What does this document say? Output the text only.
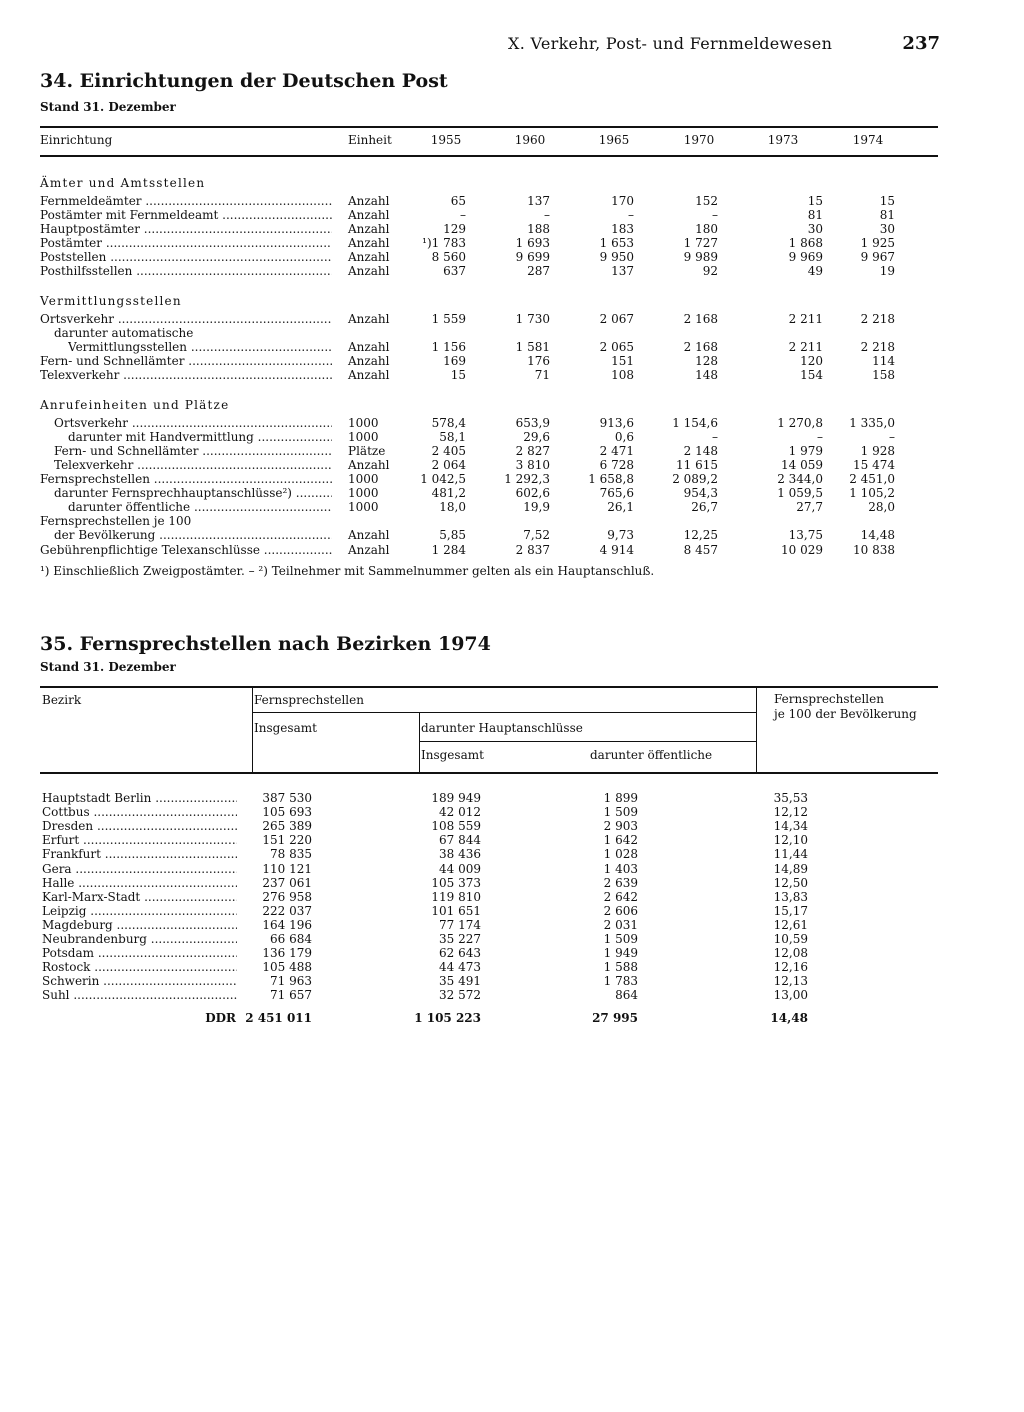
X. Verkehr, Post- und Fernmeldewesen	237
34. Einrichtungen der Deutschen Post
Stand 31. Dezember
Einrichtung	Einheit	1955	1960	1965	1970	1973	1974
Ämter und Amtsstellen
Vermittlungsstellen
Anrufeinheiten und Plätze
Fernmeldeämter .....	Anzahl	65	137	170	152	15	15
Postämter mit Fernmeldeamt .....	Anzahl	–	–	–	–	81	81
Hauptpostämter .....	Anzahl	129	188	183	180	30	30
Postämter .....	Anzahl	¹)1 783	1 693	1 653	1 727	1 868	1 925
Poststellen .....	Anzahl	8 560	9 699	9 950	9 989	9 969	9 967
Posthilfsstellen .....	Anzahl	637	287	137	92	49	19
Ortsverkehr .....	Anzahl	1 559	1 730	2 067	2 168	2 211	2 218
darunter automatische
Vermittlungsstellen .....	Anzahl	1 156	1 581	2 065	2 168	2 211	2 218
Fern- und Schnellämter .....	Anzahl	169	176	151	128	120	114
Telexverkehr .....	Anzahl	15	71	108	148	154	158
Ortsverkehr .....	1000	578,4	653,9	913,6	1 154,6	1 270,8	1 335,0
darunter mit Handvermittlung .....	1000	58,1	29,6	0,6	–	–	–
Fern- und Schnellämter .....	Plätze	2 405	2 827	2 471	2 148	1 979	1 928
Telexverkehr .....	Anzahl	2 064	3 810	6 728	11 615	14 059	15 474
Fernsprechstellen .....	1000	1 042,5	1 292,3	1 658,8	2 089,2	2 344,0	2 451,0
darunter Fernsprechhauptanschlüsse²) .....	1000	481,2	602,6	765,6	954,3	1 059,5	1 105,2
darunter öffentliche .....	1000	18,0	19,9	26,1	26,7	27,7	28,0
Fernsprechstellen je 100
der Bevölkerung .....	Anzahl	5,85	7,52	9,73	12,25	13,75	14,48
Gebührenpflichtige Telexanschlüsse .....	Anzahl	1 284	2 837	4 914	8 457	10 029	10 838
¹) Einschließlich Zweigpostämter. – ²) Teilnehmer mit Sammelnummer gelten als ein Hauptanschluß.
35. Fernsprechstellen nach Bezirken 1974
Stand 31. Dezember
Bezirk	Fernsprechstellen	Fernsprechstellen
je 100 der Bevölkerung
Insgesamt	darunter Hauptanschlüsse
Insgesamt	darunter öffentliche
Hauptstadt Berlin .....	387 530	189 949	1 899	35,53
Cottbus .....	105 693	42 012	1 509	12,12
Dresden .....	265 389	108 559	2 903	14,34
Erfurt .....	151 220	67 844	1 642	12,10
Frankfurt .....	78 835	38 436	1 028	11,44
Gera .....	110 121	44 009	1 403	14,89
Halle .....	237 061	105 373	2 639	12,50
Karl-Marx-Stadt .....	276 958	119 810	2 642	13,83
Leipzig .....	222 037	101 651	2 606	15,17
Magdeburg .....	164 196	77 174	2 031	12,61
Neubrandenburg .....	66 684	35 227	1 509	10,59
Potsdam .....	136 179	62 643	1 949	12,08
Rostock .....	105 488	44 473	1 588	12,16
Schwerin .....	71 963	35 491	1 783	12,13
Suhl .....	71 657	32 572	864	13,00
DDR 2 451 011	1 105 223	27 995	14,48
